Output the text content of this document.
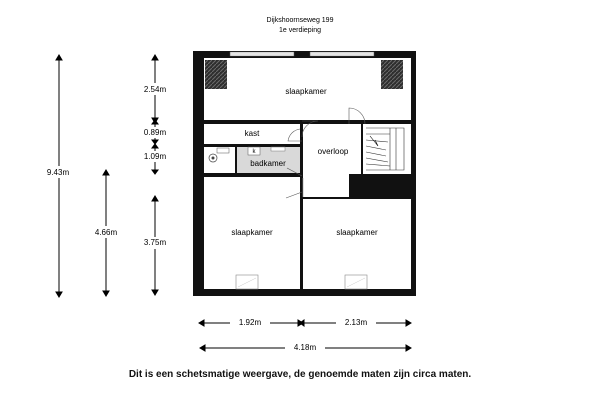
Dijkshoornseweg 199
1e verdieping
slaapkamer
kast
badkamer
k	overloop
slaapkamer	slaapkamer
9.43m
4.66m
2.54m
0.89m
1.09m
3.75m
1.92m	2.13m
4.18m
Dit is een schetsmatige weergave, de genoemde maten zijn circa maten.
